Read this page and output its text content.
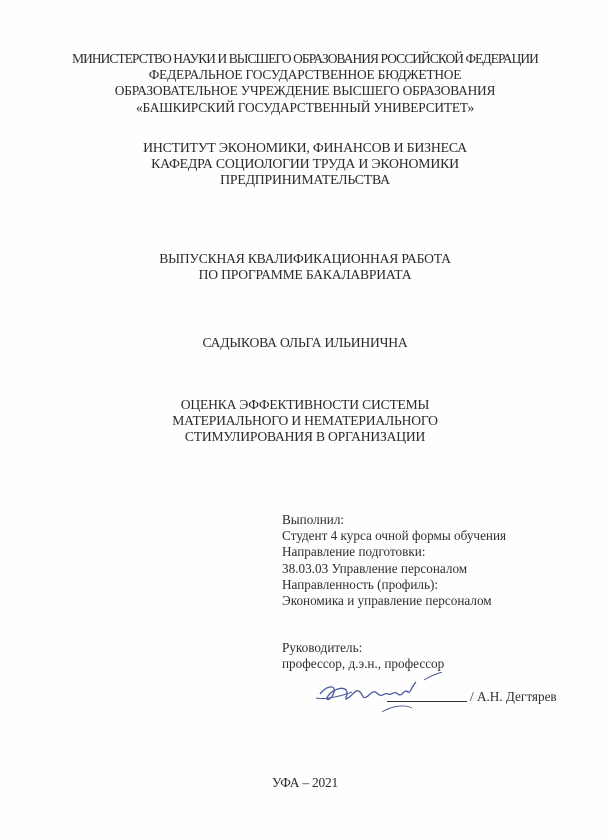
МИНИСТЕРСТВО НАУКИ И ВЫСШЕГО ОБРАЗОВАНИЯ РОССИЙСКОЙ ФЕДЕРАЦИИ
ФЕДЕРАЛЬНОЕ ГОСУДАРСТВЕННОЕ БЮДЖЕТНОЕ
ОБРАЗОВАТЕЛЬНОЕ УЧРЕЖДЕНИЕ ВЫСШЕГО ОБРАЗОВАНИЯ
«БАШКИРСКИЙ ГОСУДАРСТВЕННЫЙ УНИВЕРСИТЕТ»
ИНСТИТУТ ЭКОНОМИКИ, ФИНАНСОВ И БИЗНЕСА
КАФЕДРА СОЦИОЛОГИИ ТРУДА И ЭКОНОМИКИ
ПРЕДПРИНИМАТЕЛЬСТВА
ВЫПУСКНАЯ КВАЛИФИКАЦИОННАЯ РАБОТА
ПО ПРОГРАММЕ БАКАЛАВРИАТА
САДЫКОВА ОЛЬГА ИЛЬИНИЧНА
ОЦЕНКА ЭФФЕКТИВНОСТИ СИСТЕМЫ
МАТЕРИАЛЬНОГО И НЕМАТЕРИАЛЬНОГО
СТИМУЛИРОВАНИЯ В ОРГАНИЗАЦИИ
Выполнил:
Студент 4 курса очной формы обучения
Направление подготовки:
38.03.03 Управление персоналом
Направленность (профиль):
Экономика и управление персоналом
Руководитель:
профессор, д.э.н., профессор
/ А.Н. Дегтярев
УФА – 2021
